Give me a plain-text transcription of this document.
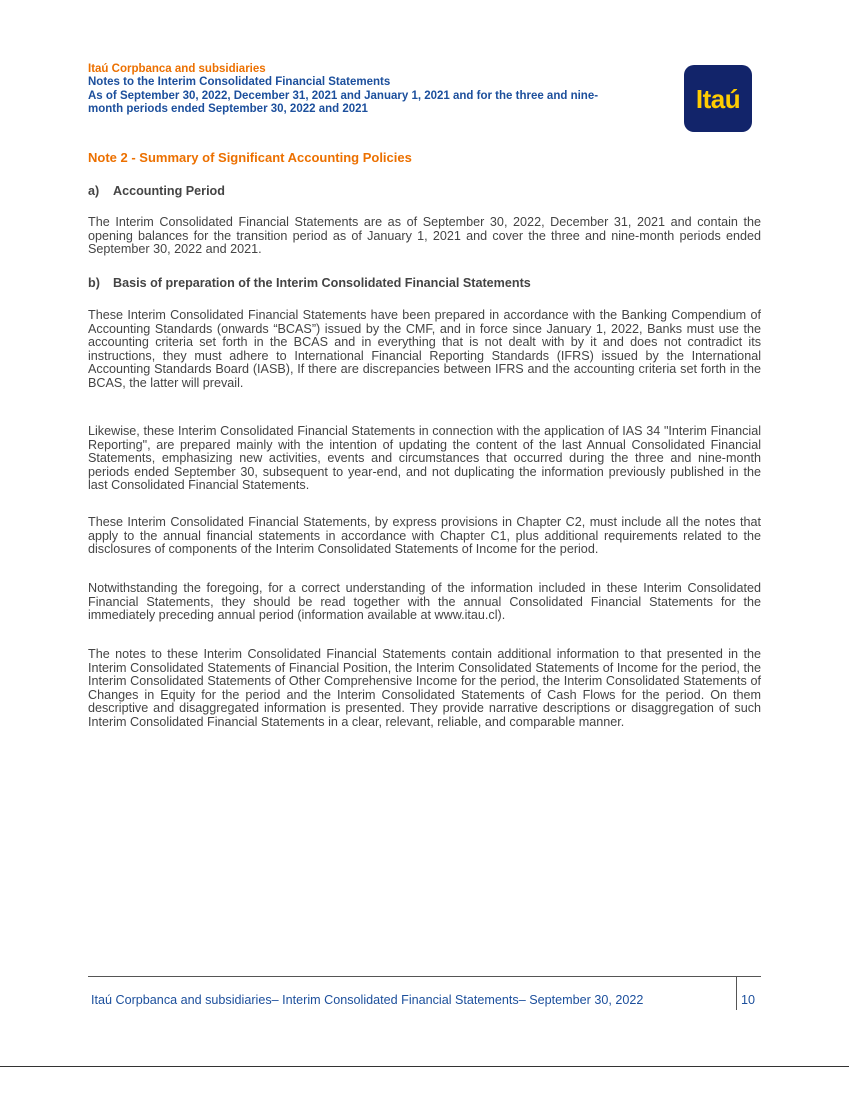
Itaú Corpbanca and subsidiaries
Notes to the Interim Consolidated Financial Statements
As of September 30, 2022, December 31, 2021 and January 1, 2021 and for the three and nine-
month periods ended September 30, 2022 and 2021	Itaú
Note 2 - Summary of Significant Accounting Policies
a) Accounting Period
The Interim Consolidated Financial Statements are as of September 30, 2022, December 31, 2021 and contain the opening balances for the transition period as of January 1, 2021 and cover the three and nine-month periods ended September 30, 2022 and 2021.
b) Basis of preparation of the Interim Consolidated Financial Statements
These Interim Consolidated Financial Statements have been prepared in accordance with the Banking Compendium of Accounting Standards (onwards “BCAS”) issued by the CMF, and in force since January 1, 2022, Banks must use the accounting criteria set forth in the BCAS and in everything that is not dealt with by it and does not contradict its instructions, they must adhere to International Financial Reporting Standards (IFRS) issued by the International Accounting Standards Board (IASB), If there are discrepancies between IFRS and the accounting criteria set forth in the BCAS, the latter will prevail.
Likewise, these Interim Consolidated Financial Statements in connection with the application of IAS 34 "Interim Financial Reporting", are prepared mainly with the intention of updating the content of the last Annual Consolidated Financial Statements, emphasizing new activities, events and circumstances that occurred during the three and nine-month periods ended September 30, subsequent to year-end, and not duplicating the information previously published in the last Consolidated Financial Statements.
These Interim Consolidated Financial Statements, by express provisions in Chapter C2, must include all the notes that apply to the annual financial statements in accordance with Chapter C1, plus additional requirements related to the disclosures of components of the Interim Consolidated Statements of Income for the period.
Notwithstanding the foregoing, for a correct understanding of the information included in these Interim Consolidated Financial Statements, they should be read together with the annual Consolidated Financial Statements for the immediately preceding annual period (information available at www.itau.cl).
The notes to these Interim Consolidated Financial Statements contain additional information to that presented in the Interim Consolidated Statements of Financial Position, the Interim Consolidated Statements of Income for the period, the Interim Consolidated Statements of Other Comprehensive Income for the period, the Interim Consolidated Statements of Changes in Equity for the period and the Interim Consolidated Statements of Cash Flows for the period. On them descriptive and disaggregated information is presented. They provide narrative descriptions or disaggregation of such Interim Consolidated Financial Statements in a clear, relevant, reliable, and comparable manner.
Itaú Corpbanca and subsidiaries– Interim Consolidated Financial Statements– September 30, 2022	10
